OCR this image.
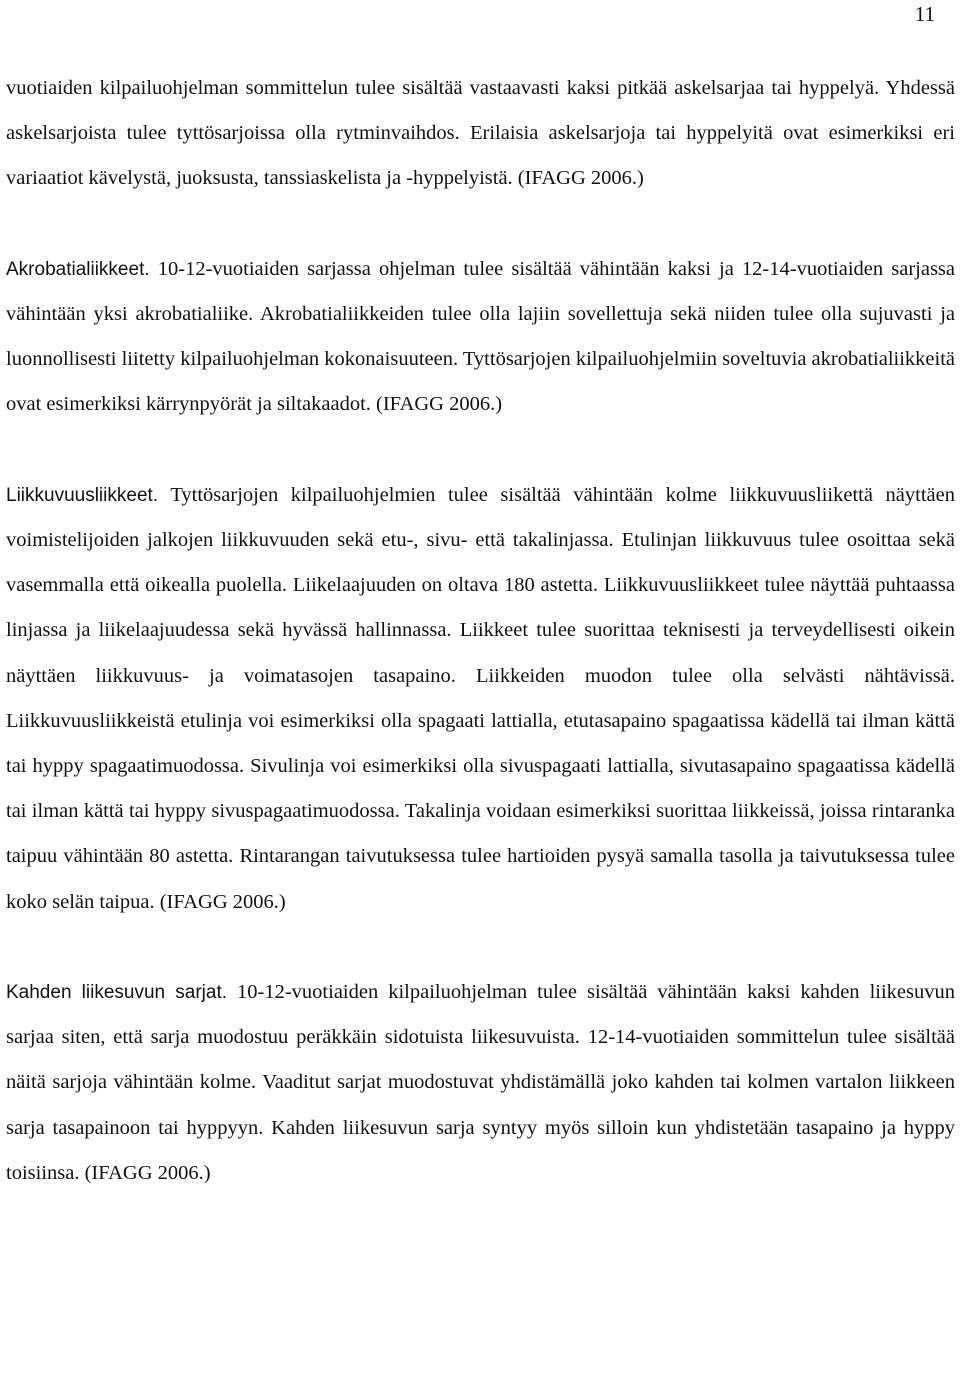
11

vuotiaiden kilpailuohjelman sommittelun tulee sisältää vastaavasti kaksi pitkää askelsarjaa tai hyppelyä. Yhdessä askelsarjoista tulee tyttösarjoissa olla rytminvaihdos. Erilaisia askelsarjoja tai hyppelyitä ovat esimerkiksi eri variaatiot kävelystä, juoksusta, tanssiaskelista ja -hyppelyistä. (IFAGG 2006.)

Akrobatialiikkeet. 10-12-vuotiaiden sarjassa ohjelman tulee sisältää vähintään kaksi ja 12-14-vuotiaiden sarjassa vähintään yksi akrobatialiike. Akrobatialiikkeiden tulee olla lajiin sovellettuja sekä niiden tulee olla sujuvasti ja luonnollisesti liitetty kilpailuohjelman kokonaisuuteen. Tyttösarjojen kilpailuohjelmiin soveltuvia akrobatialiikkeitä ovat esimerkiksi kärrynpyörät ja siltakaadot. (IFAGG 2006.)

Liikkuvuusliikkeet. Tyttösarjojen kilpailuohjelmien tulee sisältää vähintään kolme liikkuvuusliikettä näyttäen voimistelijoiden jalkojen liikkuvuuden sekä etu-, sivu- että takalinjassa. Etulinjan liikkuvuus tulee osoittaa sekä vasemmalla että oikealla puolella. Liikelaajuuden on oltava 180 astetta. Liikkuvuusliikkeet tulee näyttää puhtaassa linjassa ja liikelaajuudessa sekä hyvässä hallinnassa. Liikkeet tulee suorittaa teknisesti ja terveydellisesti oikein näyttäen liikkuvuus- ja voimatasojen tasapaino. Liikkeiden muodon tulee olla selvästi nähtävissä. Liikkuvuusliikkeistä etulinja voi esimerkiksi olla spagaati lattialla, etutasapaino spagaatissa kädellä tai ilman kättä tai hyppy spagaatimuodossa. Sivulinja voi esimerkiksi olla sivuspagaati lattialla, sivutasapaino spagaatissa kädellä tai ilman kättä tai hyppy sivuspagaatimuodossa. Takalinja voidaan esimerkiksi suorittaa liikkeissä, joissa rintaranka taipuu vähintään 80 astetta. Rintarangan taivutuksessa tulee hartioiden pysyä samalla tasolla ja taivutuksessa tulee koko selän taipua. (IFAGG 2006.)

Kahden liikesuvun sarjat. 10-12-vuotiaiden kilpailuohjelman tulee sisältää vähintään kaksi kahden liikesuvun sarjaa siten, että sarja muodostuu peräkkäin sidotuista liikesuvuista. 12-14-vuotiaiden sommittelun tulee sisältää näitä sarjoja vähintään kolme. Vaaditut sarjat muodostuvat yhdistämällä joko kahden tai kolmen vartalon liikkeen sarja tasapainoon tai hyppyyn. Kahden liikesuvun sarja syntyy myös silloin kun yhdistetään tasapaino ja hyppy toisiinsa. (IFAGG 2006.)
